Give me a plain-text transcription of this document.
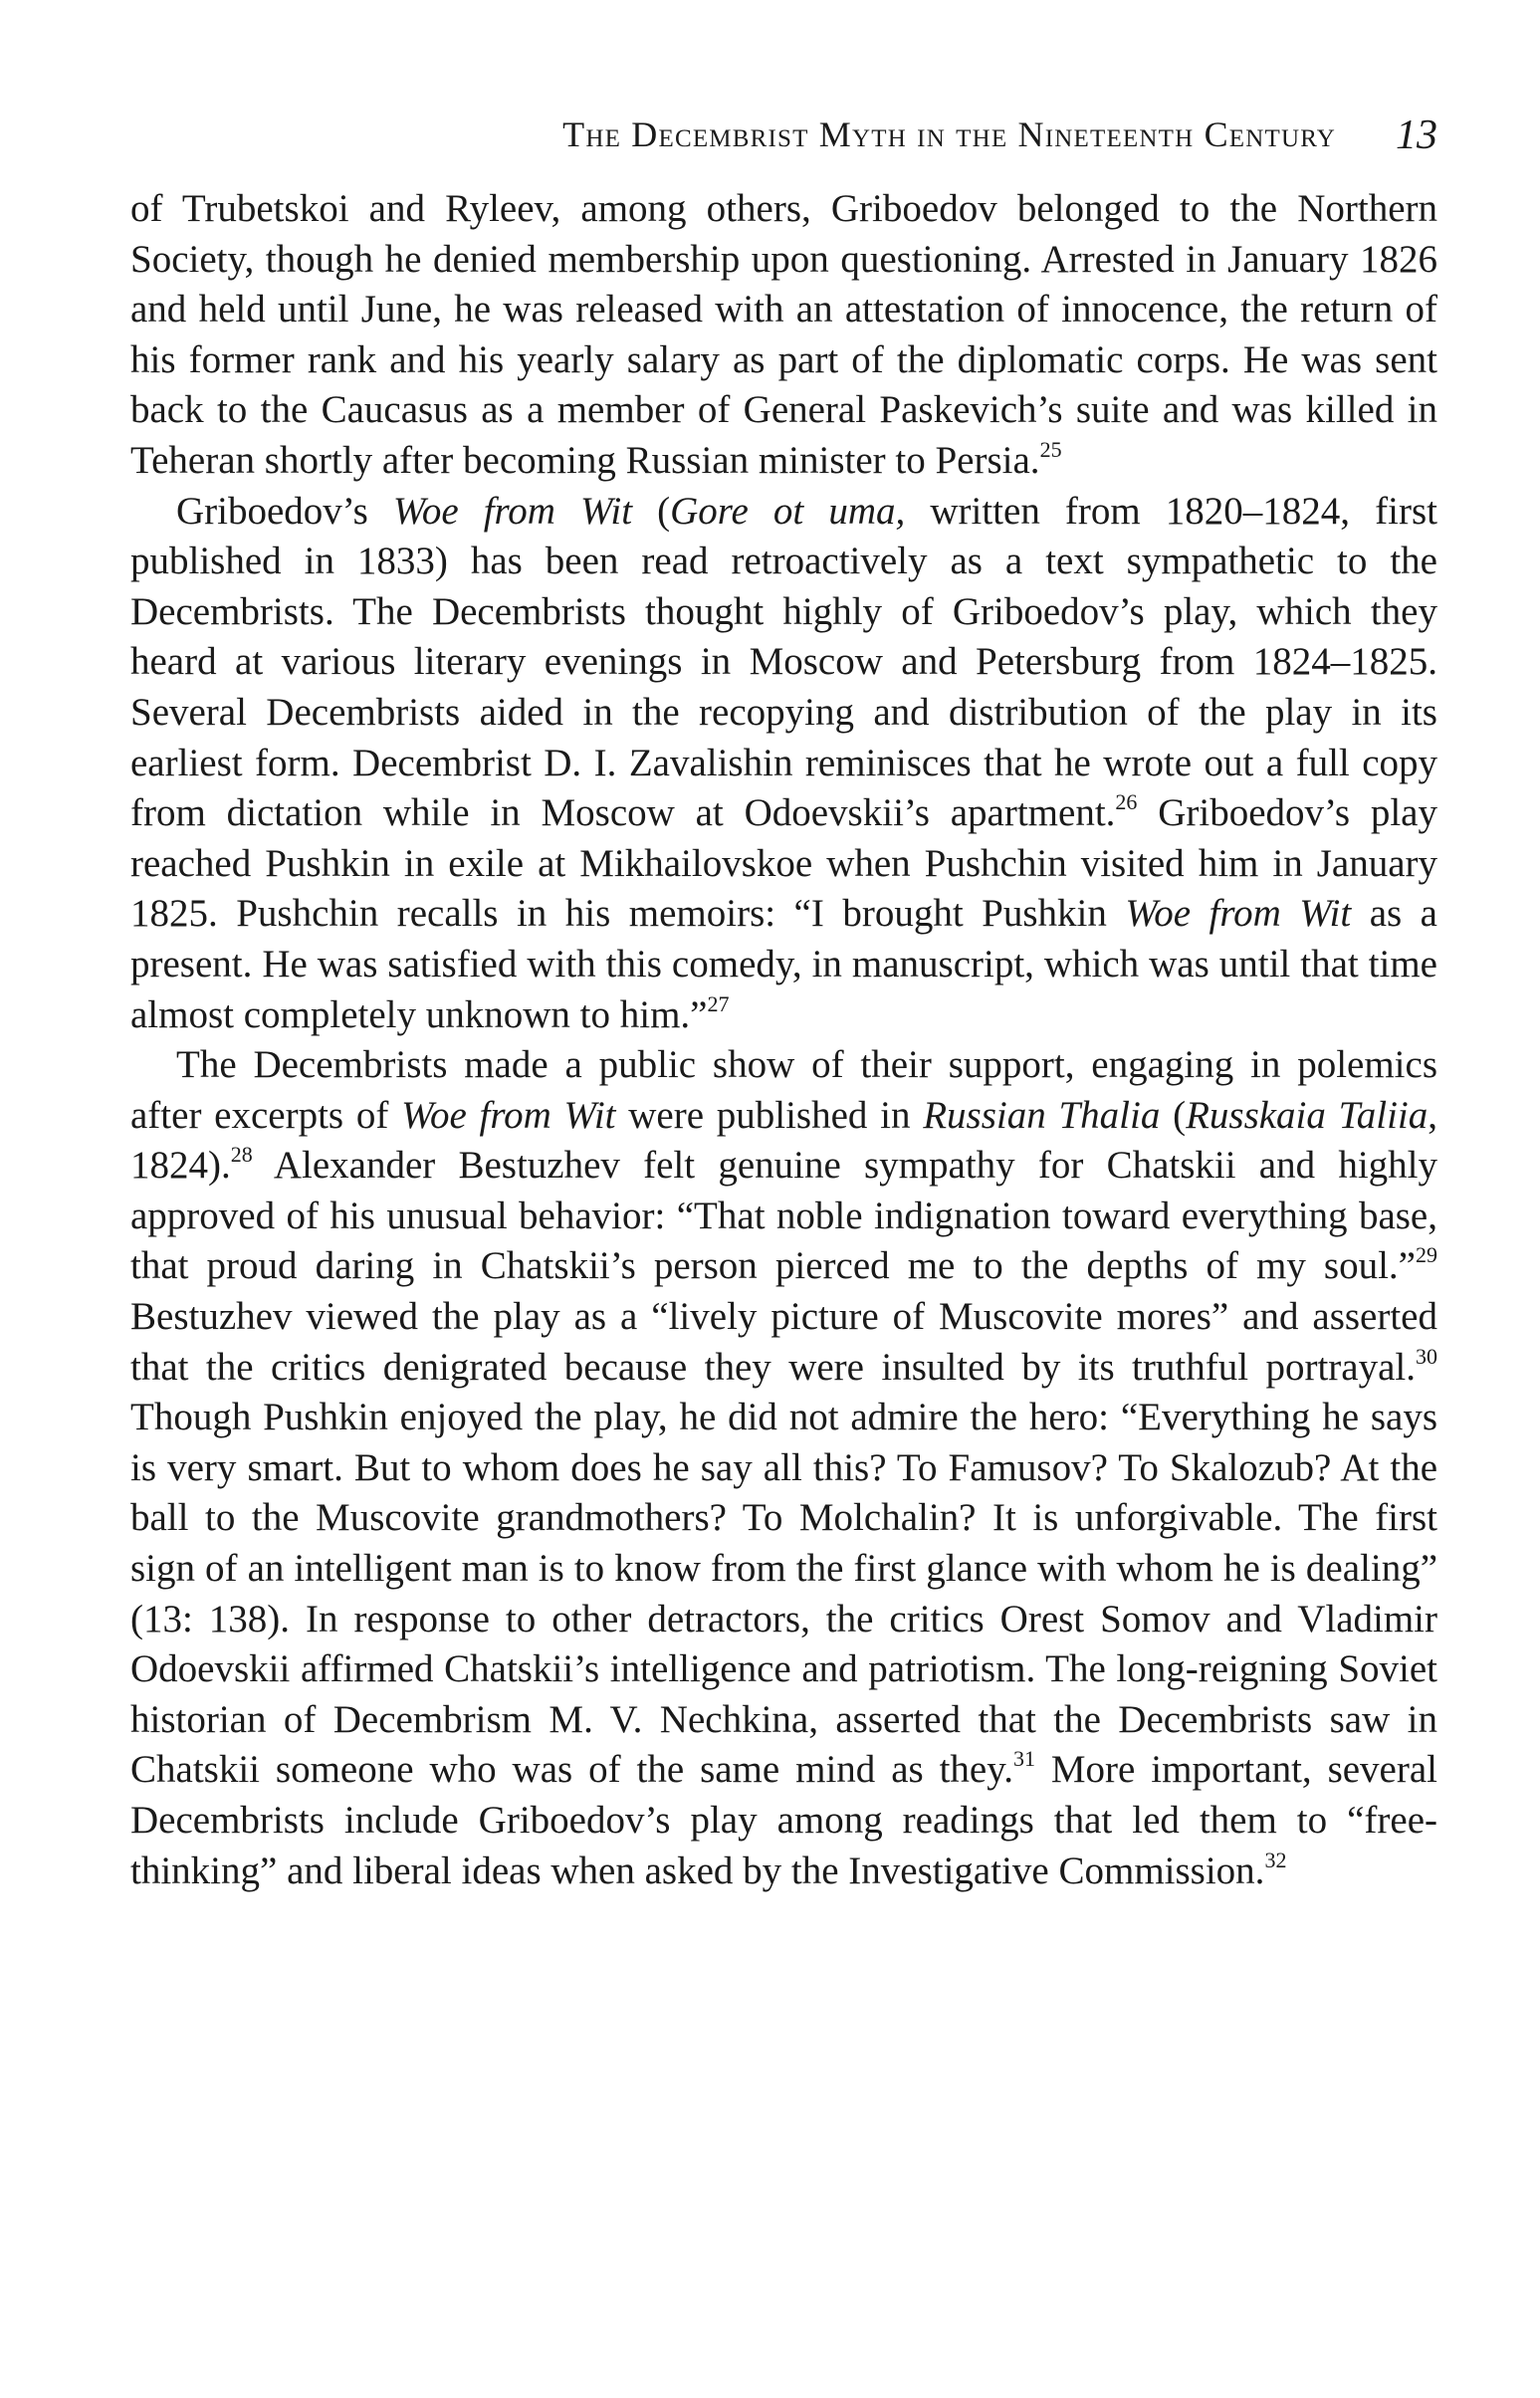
The Decembrist Myth in the Nineteenth Century 13

of Trubetskoi and Ryleev, among others, Griboedov belonged to the Northern Society, though he denied membership upon questioning. Arrested in January 1826 and held until June, he was released with an attestation of innocence, the return of his former rank and his yearly salary as part of the diplomatic corps. He was sent back to the Caucasus as a member of General Paskevich’s suite and was killed in Teheran shortly after becoming Russian minister to Persia.$^{25}$

Griboedov’s Woe from Wit (Gore ot uma, written from 1820–1824, first published in 1833) has been read retroactively as a text sympathetic to the Decembrists. The Decembrists thought highly of Griboedov’s play, which they heard at various literary evenings in Moscow and Petersburg from 1824–1825. Several Decembrists aided in the recopying and distribution of the play in its earliest form. Decembrist D. I. Zavalishin reminisces that he wrote out a full copy from dictation while in Moscow at Odoevskii’s apartment.$^{26}$ Griboedov’s play reached Pushkin in exile at Mikhailovskoe when Pushchin visited him in January 1825. Pushchin recalls in his memoirs: “I brought Pushkin Woe from Wit as a present. He was satisfied with this comedy, in manuscript, which was until that time almost completely unknown to him.”$^{27}$

The Decembrists made a public show of their support, engaging in polemics after excerpts of Woe from Wit were published in Russian Thalia (Russkaia Taliia, 1824).$^{28}$ Alexander Bestuzhev felt genuine sympathy for Chatskii and highly approved of his unusual behavior: “That noble indignation toward everything base, that proud daring in Chatskii’s person pierced me to the depths of my soul.”$^{29}$ Bestuzhev viewed the play as a “lively picture of Muscovite mores” and asserted that the critics denigrated because they were insulted by its truthful portrayal.$^{30}$ Though Pushkin enjoyed the play, he did not admire the hero: “Everything he says is very smart. But to whom does he say all this? To Famusov? To Skalozub? At the ball to the Muscovite grandmothers? To Molchalin? It is unforgivable. The first sign of an intelligent man is to know from the first glance with whom he is dealing” (13: 138). In response to other detractors, the critics Orest Somov and Vladimir Odoevskii affirmed Chatskii’s intelligence and patriotism. The long-reigning Soviet historian of Decembrism M. V. Nechkina, asserted that the Decembrists saw in Chatskii someone who was of the same mind as they.$^{31}$ More important, several Decembrists include Griboedov’s play among readings that led them to “free-thinking” and liberal ideas when asked by the Investigative Commission.$^{32}$
